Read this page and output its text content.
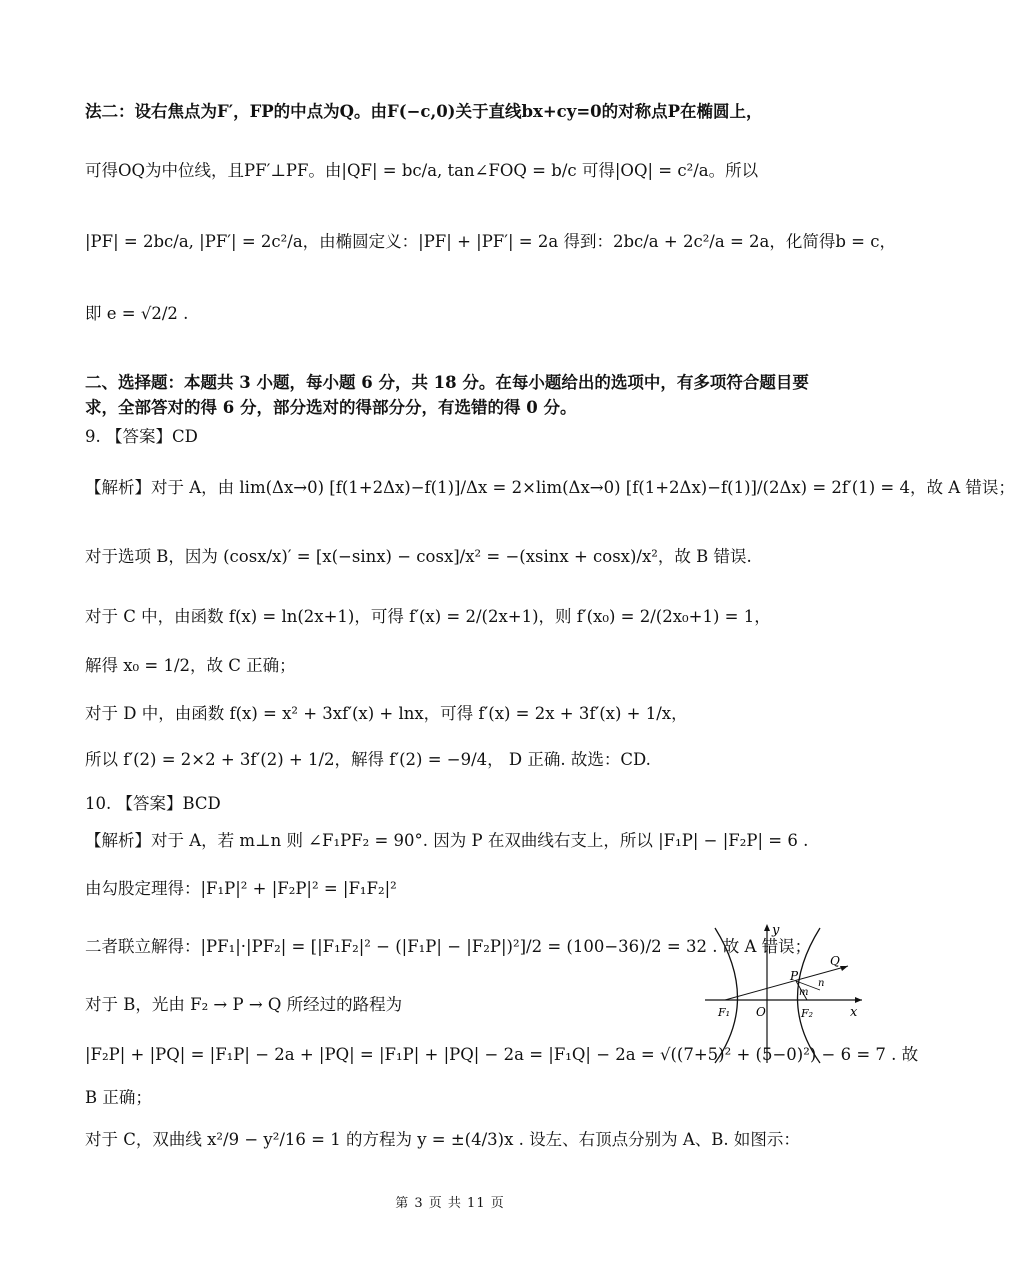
法二：设右焦点为F′，FP的中点为Q。由F(−c,0)关于直线bx+cy=0的对称点P在椭圆上，
可得OQ为中位线，且PF′⊥PF。由|QF| = bc/a, tan∠FOQ = b/c 可得|OQ| = c²/a。所以
|PF| = 2bc/a, |PF′| = 2c²/a，由椭圆定义：|PF| + |PF′| = 2a 得到：2bc/a + 2c²/a = 2a，化简得b = c，
即 e = √2/2 .
二、选择题：本题共 3 小题，每小题 6 分，共 18 分。在每小题给出的选项中，有多项符合题目要求，全部答对的得 6 分，部分选对的得部分分，有选错的得 0 分。
9. 【答案】CD
【解析】对于 A，由 lim(Δx→0) [f(1+2Δx)−f(1)]/Δx = 2×lim(Δx→0) [f(1+2Δx)−f(1)]/(2Δx) = 2f′(1) = 4，故 A 错误；
对于选项 B，因为 (cosx/x)′ = [x(−sinx) − cosx]/x² = −(xsinx + cosx)/x²，故 B 错误.
对于 C 中，由函数 f(x) = ln(2x+1)，可得 f′(x) = 2/(2x+1)，则 f′(x₀) = 2/(2x₀+1) = 1，
解得 x₀ = 1/2，故 C 正确；
对于 D 中，由函数 f(x) = x² + 3xf′(x) + lnx，可得 f′(x) = 2x + 3f′(x) + 1/x，
所以 f′(2) = 2×2 + 3f′(2) + 1/2，解得 f′(2) = −9/4， D 正确. 故选：CD.
10. 【答案】BCD
【解析】对于 A，若 m⊥n 则 ∠F₁PF₂ = 90°. 因为 P 在双曲线右支上，所以 |F₁P| − |F₂P| = 6 .
由勾股定理得：|F₁P|² + |F₂P|² = |F₁F₂|²
二者联立解得：|PF₁|·|PF₂| = [|F₁F₂|² − (|F₁P| − |F₂P|)²]/2 = (100−36)/2 = 32 . 故 A 错误；
对于 B，光由 F₂ → P → Q 所经过的路程为
|F₂P| + |PQ| = |F₁P| − 2a + |PQ| = |F₁P| + |PQ| − 2a = |F₁Q| − 2a = √((7+5)² + (5−0)²) − 6 = 7 . 故
B 正确；
对于 C，双曲线 x²/9 − y²/16 = 1 的方程为 y = ±(4/3)x . 设左、右顶点分别为 A、B. 如图示：
y
x
O
F₁	F₂
P
Q
m
n
第 3 页 共 11 页
